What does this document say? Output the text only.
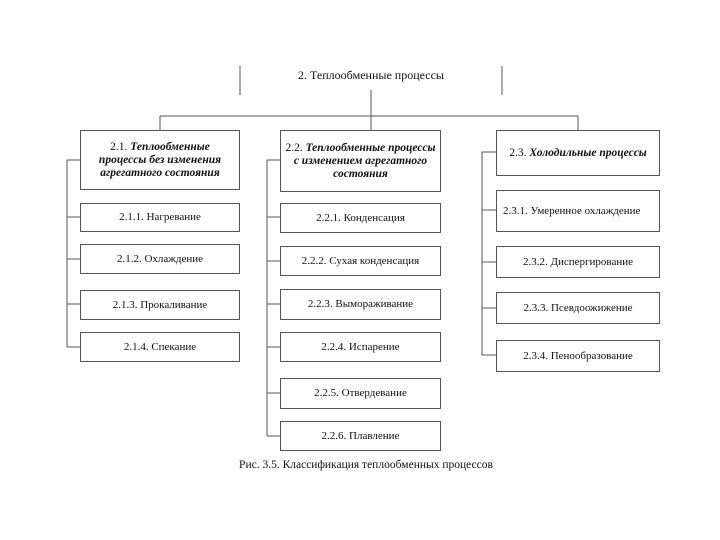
2. Теплообменные процессы
2.1. Теплообменные процессы без изменения агрегатного состояния
2.2. Теплообменные процессы с изменением агрегатного состояния
2.3. Холодильные процессы
2.1.1. Нагревание
2.1.2. Охлаждение
2.1.3. Прокаливание
2.1.4. Спекание
2.2.1. Конденсация
2.2.2. Сухая конденсация
2.2.3. Вымораживание
2.2.4. Испарение
2.2.5. Отвердевание
2.2.6. Плавление
2.3.1. Умеренное охлаждение
2.3.2. Диспергирование
2.3.3. Псевдоожижение
2.3.4. Пенообразование
Рис. 3.5. Классификация теплообменных процессов
